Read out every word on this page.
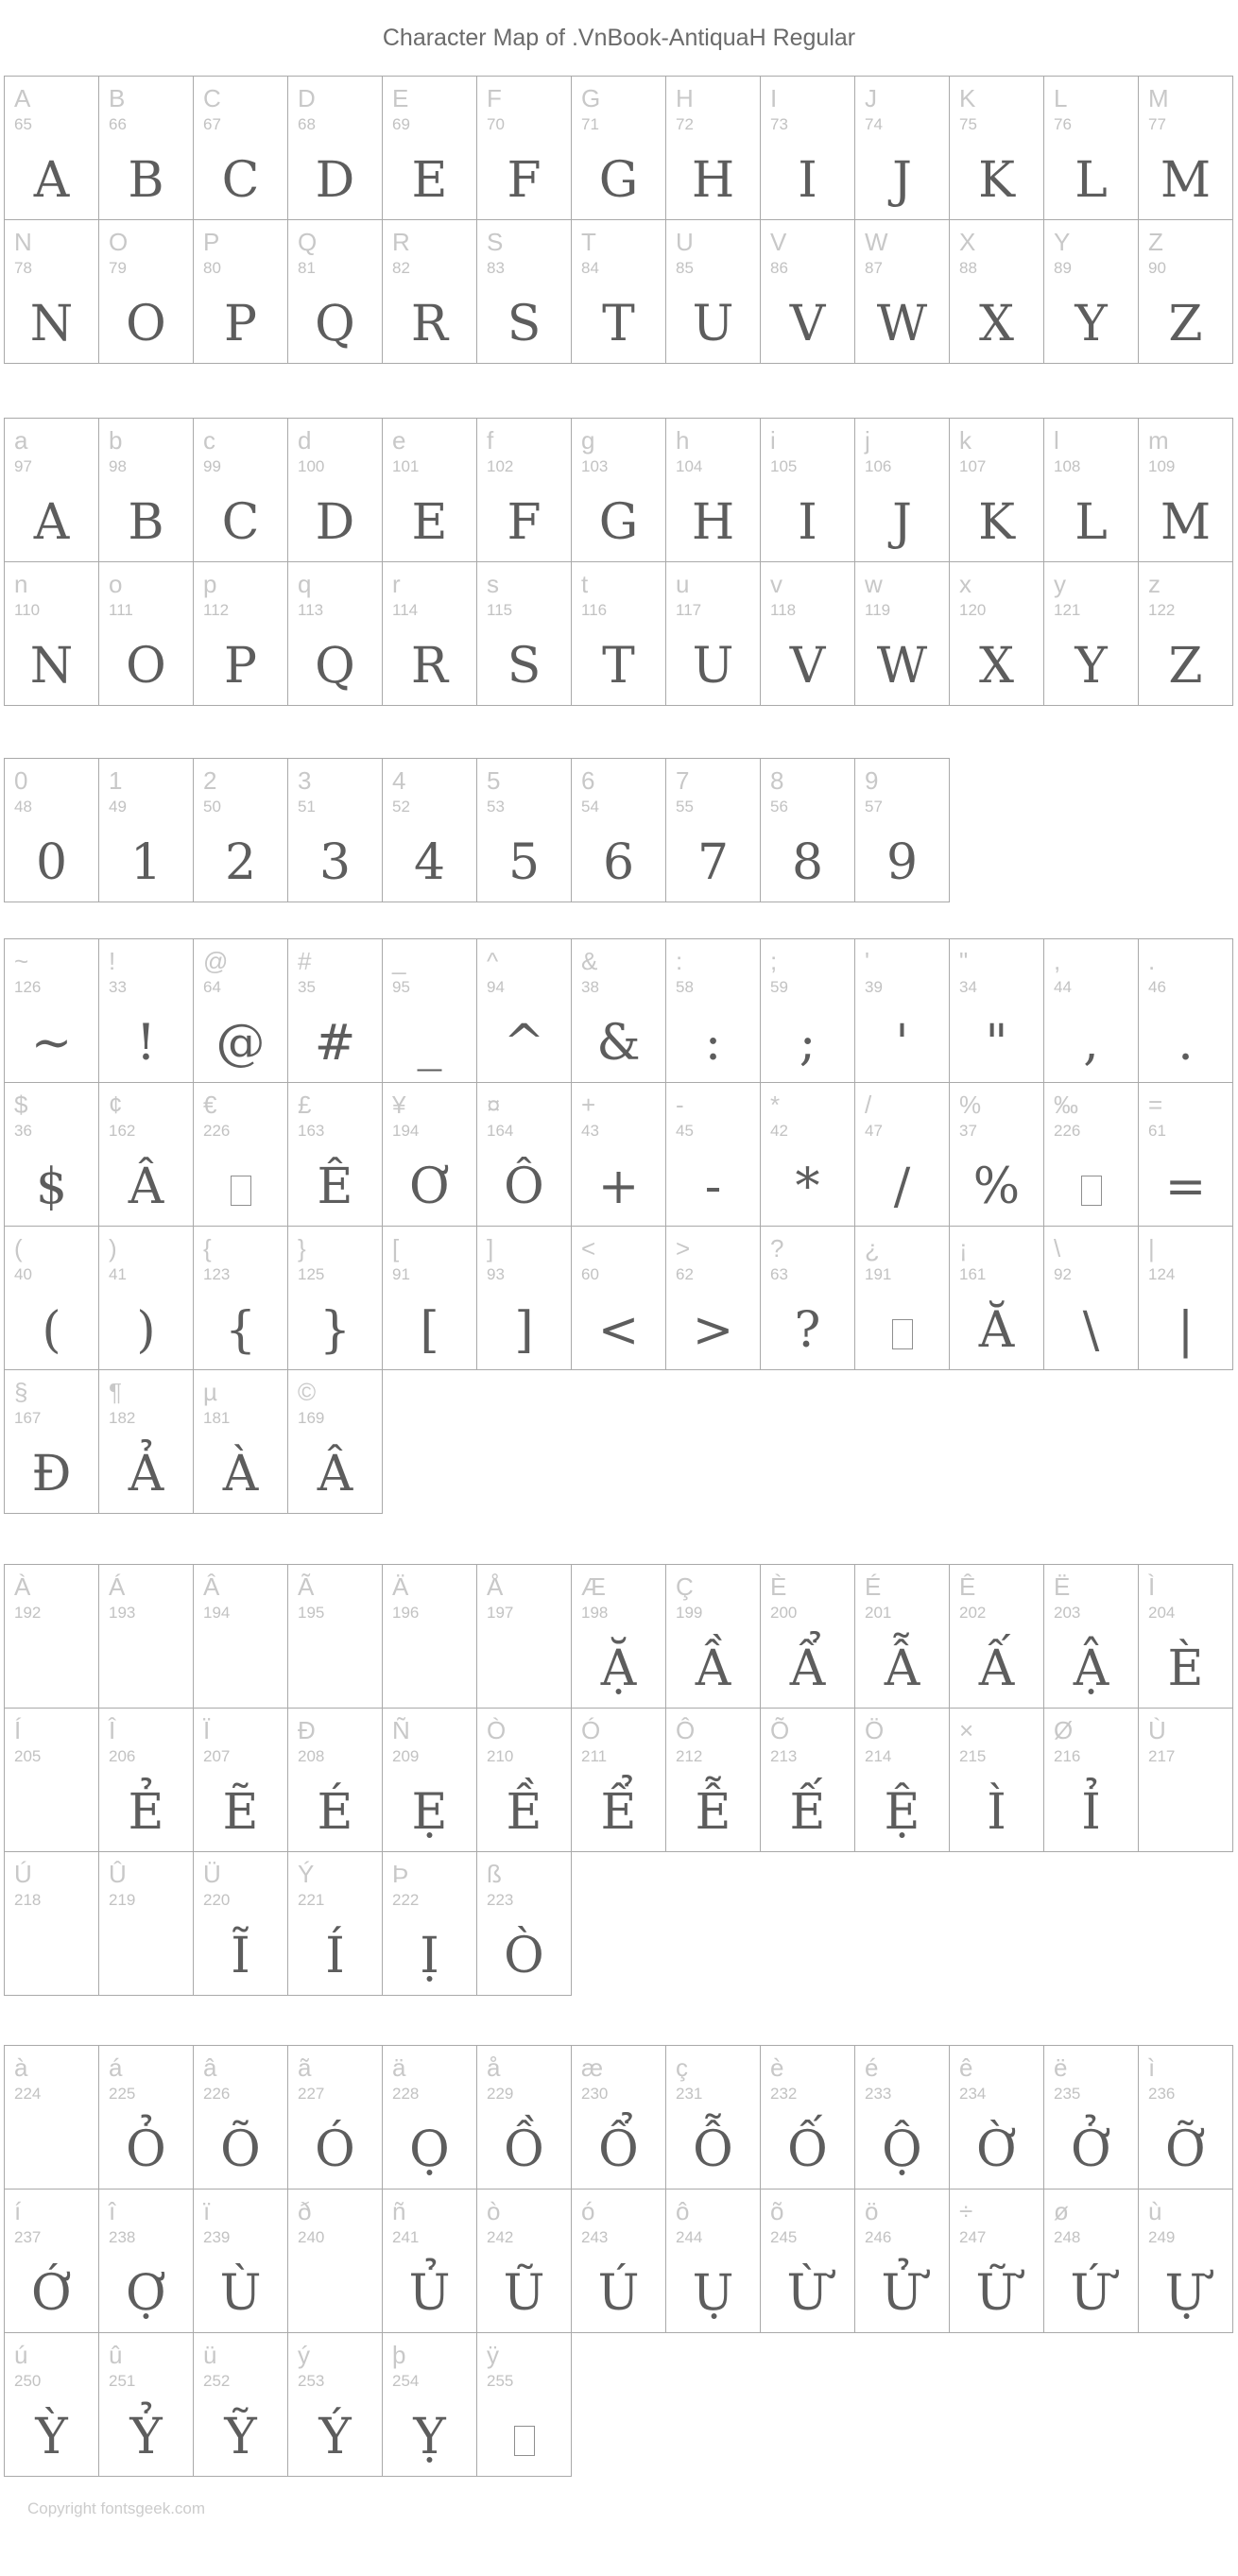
Character Map of .VnBook-AntiquaH Regular
A
65
A
B
66
B
C
67
C
D
68
D
E
69
E
F
70
F
G
71
G
H
72
H
I
73
I
J
74
J
K
75
K
L
76
L
M
77
M
N
78
N
O
79
O
P
80
P
Q
81
Q
R
82
R
S
83
S
T
84
T
U
85
U
V
86
V
W
87
W
X
88
X
Y
89
Y
Z
90
Z
a
97
A
b
98
B
c
99
C
d
100
D
e
101
E
f
102
F
g
103
G
h
104
H
i
105
I
j
106
J
k
107
K
l
108
L
m
109
M
n
110
N
o
111
O
p
112
P
q
113
Q
r
114
R
s
115
S
t
116
T
u
117
U
v
118
V
w
119
W
x
120
X
y
121
Y
z
122
Z
0
48
0
1
49
1
2
50
2
3
51
3
4
52
4
5
53
5
6
54
6
7
55
7
8
56
8
9
57
9
~
126
~
!
33
!
@
64
@
#
35
#
_
95
_
^
94
^
&
38
&
:
58
:
;
59
;
'
39
'
"
34
"
,
44
,
.
46
.
$
36
$
¢
162
Â
€
226
£
163
Ê
¥
194
Ơ
¤
164
Ô
+
43
+
-
45
-
*
42
*
/
47
/
%
37
%
‰
226
=
61
=
(
40
(
)
41
)
{
123
{
}
125
}
[
91
[
]
93
]
<
60
<
>
62
>
?
63
?
¿
191
¡
161
Ă
\
92
\
|
124
|
§
167
Đ
¶
182
Ả
µ
181
À
©
169
Â
À
192
Á
193
Â
194
Ã
195
Ä
196
Å
197
Æ
198
Ặ
Ç
199
Ầ
È
200
Ẩ
É
201
Ẫ
Ê
202
Ấ
Ë
203
Ậ
Ì
204
È
Í
205
Î
206
Ẻ
Ï
207
Ẽ
Ð
208
É
Ñ
209
Ẹ
Ò
210
Ề
Ó
211
Ể
Ô
212
Ễ
Õ
213
Ế
Ö
214
Ệ
×
215
Ì
Ø
216
Ỉ
Ù
217
Ú
218
Û
219
Ü
220
Ĩ
Ý
221
Í
Þ
222
Ị
ß
223
Ò
à
224
á
225
Ỏ
â
226
Õ
ã
227
Ó
ä
228
Ọ
å
229
Ồ
æ
230
Ổ
ç
231
Ỗ
è
232
Ố
é
233
Ộ
ê
234
Ờ
ë
235
Ở
ì
236
Ỡ
í
237
Ớ
î
238
Ợ
ï
239
Ù
ð
240
ñ
241
Ủ
ò
242
Ũ
ó
243
Ú
ô
244
Ụ
õ
245
Ừ
ö
246
Ử
÷
247
Ữ
ø
248
Ứ
ù
249
Ự
ú
250
Ỳ
û
251
Ỷ
ü
252
Ỹ
ý
253
Ý
þ
254
Ỵ
ÿ
255
Copyright fontsgeek.com
